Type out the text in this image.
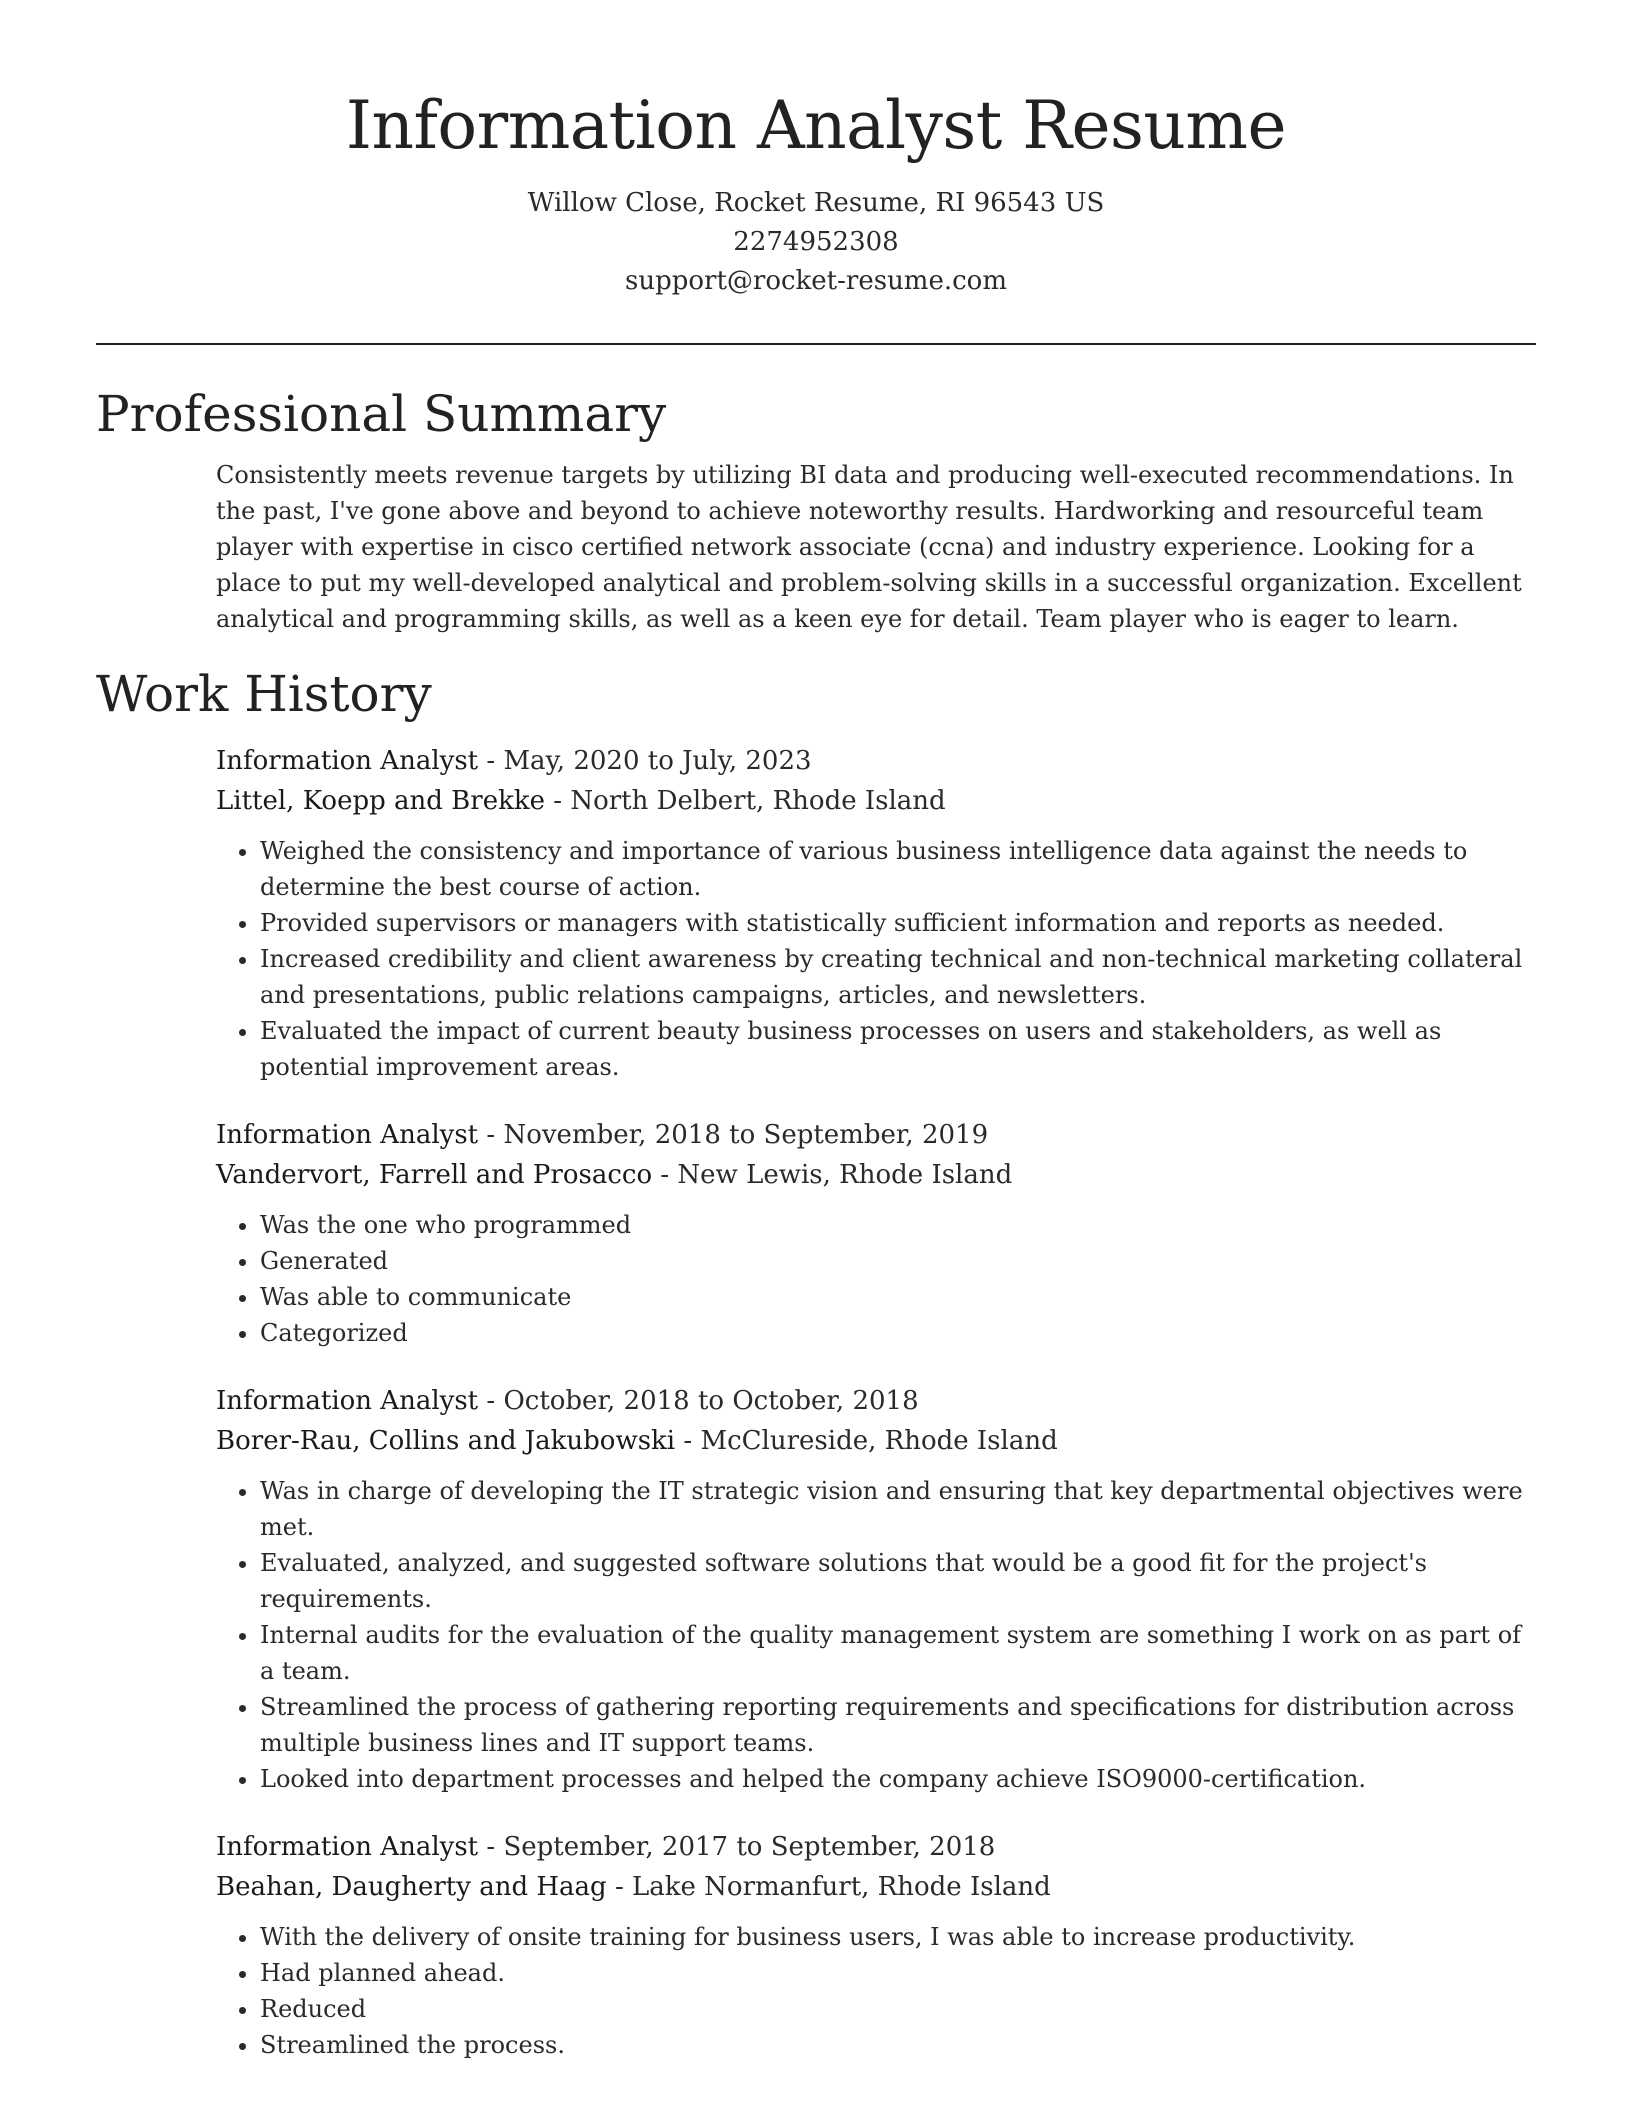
Information Analyst Resume
Willow Close, Rocket Resume, RI 96543 US
2274952308
support@rocket-resume.com
Professional Summary

Consistently meets revenue targets by utilizing BI data and producing well-executed recommendations. In the past, I've gone above and beyond to achieve noteworthy results. Hardworking and resourceful team player with expertise in cisco certified network associate (ccna) and industry experience. Looking for a place to put my well-developed analytical and problem-solving skills in a successful organization. Excellent analytical and programming skills, as well as a keen eye for detail. Team player who is eager to learn.

Work History
Information Analyst - May, 2020 to July, 2023
Littel, Koepp and Brekke - North Delbert, Rhode Island
• Weighed the consistency and importance of various business intelligence data against the needs to determine the best course of action.
• Provided supervisors or managers with statistically sufficient information and reports as needed.
• Increased credibility and client awareness by creating technical and non-technical marketing collateral and presentations, public relations campaigns, articles, and newsletters.
• Evaluated the impact of current beauty business processes on users and stakeholders, as well as potential improvement areas.
Information Analyst - November, 2018 to September, 2019
Vandervort, Farrell and Prosacco - New Lewis, Rhode Island
• Was the one who programmed
• Generated
• Was able to communicate
• Categorized
Information Analyst - October, 2018 to October, 2018
Borer-Rau, Collins and Jakubowski - McClureside, Rhode Island
• Was in charge of developing the IT strategic vision and ensuring that key departmental objectives were met.
• Evaluated, analyzed, and suggested software solutions that would be a good fit for the project's requirements.
• Internal audits for the evaluation of the quality management system are something I work on as part of a team.
• Streamlined the process of gathering reporting requirements and specifications for distribution across multiple business lines and IT support teams.
• Looked into department processes and helped the company achieve ISO9000-certification.
Information Analyst - September, 2017 to September, 2018
Beahan, Daugherty and Haag - Lake Normanfurt, Rhode Island
• With the delivery of onsite training for business users, I was able to increase productivity.
• Had planned ahead.
• Reduced
• Streamlined the process.
